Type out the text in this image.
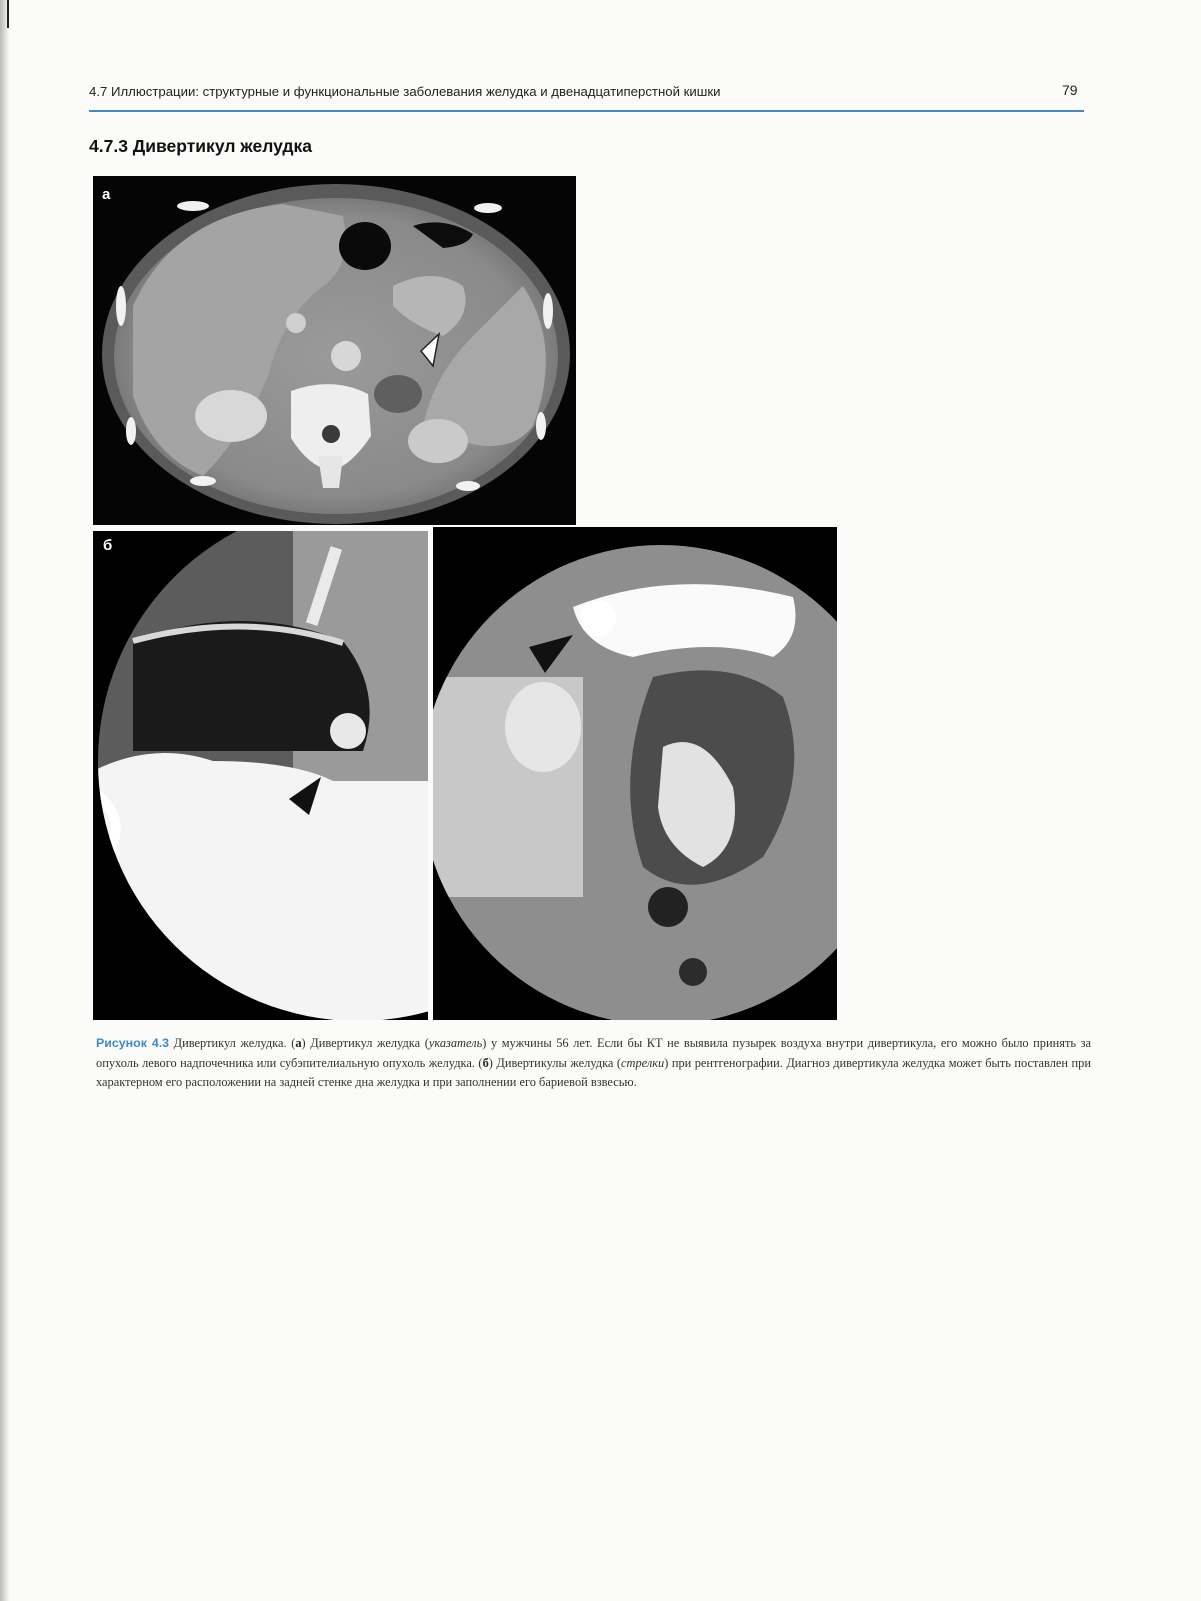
4.7 Иллюстрации: структурные и функциональные заболевания желудка и двенадцатиперстной кишки	79
4.7.3 Дивертикул желудка
а
б
Рисунок 4.3 Дивертикул желудка. (а) Дивертикул желудка (указатель) у мужчины 56 лет. Если бы КТ не выявила пузырек воздуха внутри дивертикула, его можно было принять за опухоль левого надпочечника или субэпителиальную опухоль желудка. (б) Дивертикулы желудка (стрелки) при рентгенографии. Диагноз дивертикула желудка может быть поставлен при характерном его расположении на задней стенке дна желудка и при заполнении его бариевой взвесью.
